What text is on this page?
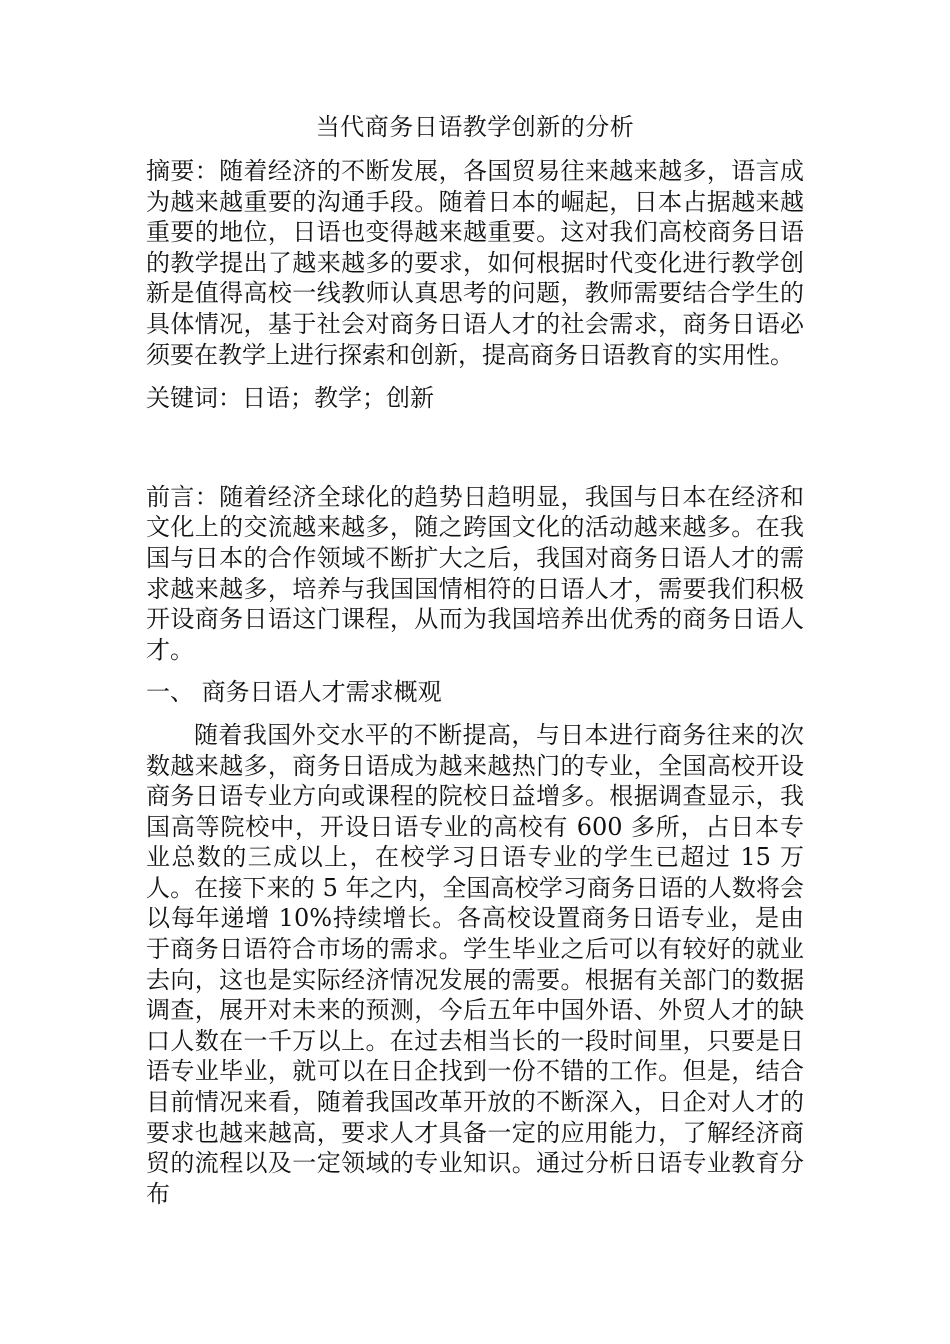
当代商务日语教学创新的分析

摘要：随着经济的不断发展，各国贸易往来越来越多，语言成为越来越重要的沟通手段。随着日本的崛起，日本占据越来越重要的地位，日语也变得越来越重要。这对我们高校商务日语的教学提出了越来越多的要求，如何根据时代变化进行教学创新是值得高校一线教师认真思考的问题，教师需要结合学生的具体情况，基于社会对商务日语人才的社会需求，商务日语必须要在教学上进行探索和创新，提高商务日语教育的实用性。

关键词：日语；教学；创新

前言：随着经济全球化的趋势日趋明显，我国与日本在经济和文化上的交流越来越多，随之跨国文化的活动越来越多。在我国与日本的合作领域不断扩大之后，我国对商务日语人才的需求越来越多，培养与我国国情相符的日语人才，需要我们积极开设商务日语这门课程，从而为我国培养出优秀的商务日语人才。

一、 商务日语人才需求概观

随着我国外交水平的不断提高，与日本进行商务往来的次数越来越多，商务日语成为越来越热门的专业，全国高校开设商务日语专业方向或课程的院校日益增多。根据调查显示，我国高等院校中，开设日语专业的高校有 600 多所，占日本专业总数的三成以上，在校学习日语专业的学生已超过 15 万人。在接下来的 5 年之内，全国高校学习商务日语的人数将会以每年递增 10%持续增长。各高校设置商务日语专业，是由于商务日语符合市场的需求。学生毕业之后可以有较好的就业去向，这也是实际经济情况发展的需要。根据有关部门的数据调查，展开对未来的预测，今后五年中国外语、外贸人才的缺口人数在一千万以上。在过去相当长的一段时间里，只要是日语专业毕业，就可以在日企找到一份不错的工作。但是，结合目前情况来看，随着我国改革开放的不断深入，日企对人才的要求也越来越高，要求人才具备一定的应用能力，了解经济商贸的流程以及一定领域的专业知识。通过分析日语专业教育分布
